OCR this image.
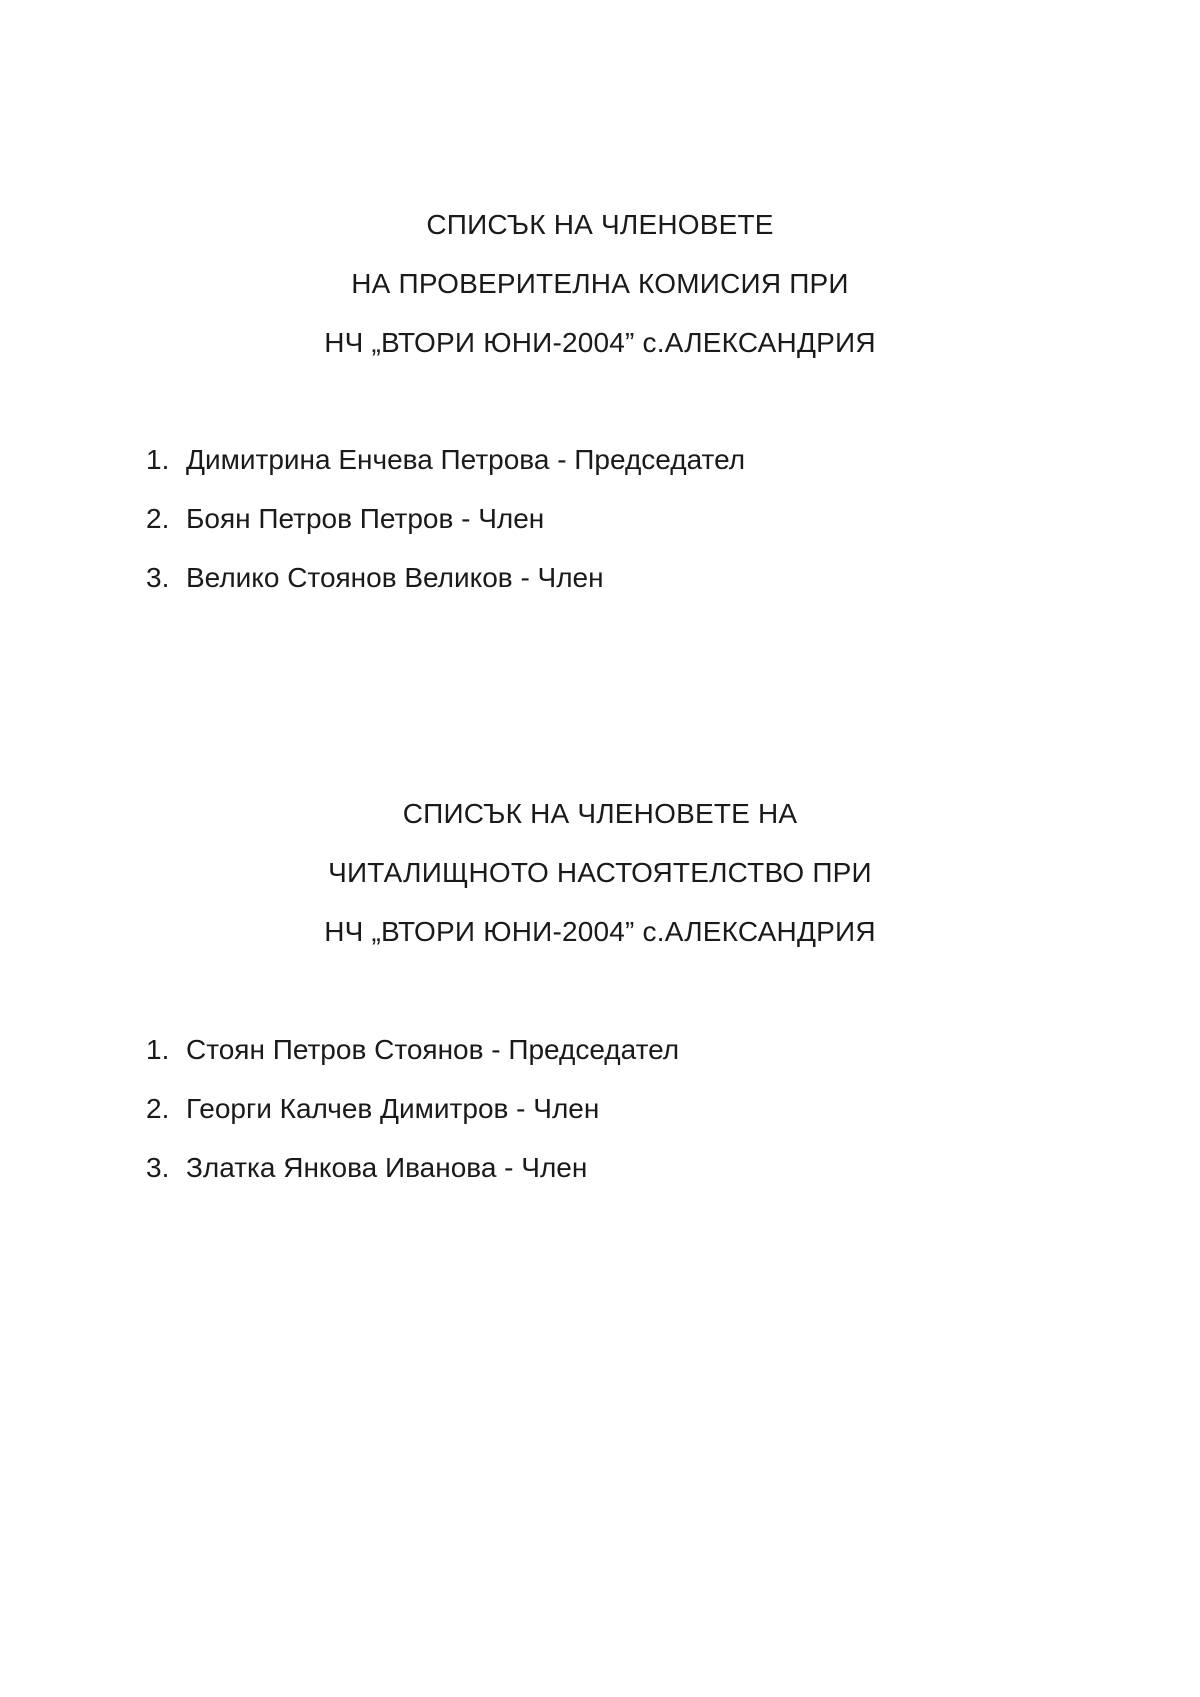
СПИСЪК НА ЧЛЕНОВЕТЕ
НА ПРОВЕРИТЕЛНА КОМИСИЯ ПРИ
НЧ „ВТОРИ ЮНИ-2004” с.АЛЕКСАНДРИЯ
1. Димитрина Енчева Петрова - Председател
2. Боян Петров Петров - Член
3. Велико Стоянов Великов - Член
СПИСЪК НА ЧЛЕНОВЕТЕ НА
ЧИТАЛИЩНОТО НАСТОЯТЕЛСТВО ПРИ
НЧ „ВТОРИ ЮНИ-2004” с.АЛЕКСАНДРИЯ
1. Стоян Петров Стоянов - Председател
2. Георги Калчев Димитров - Член
3. Златка Янкова Иванова - Член
